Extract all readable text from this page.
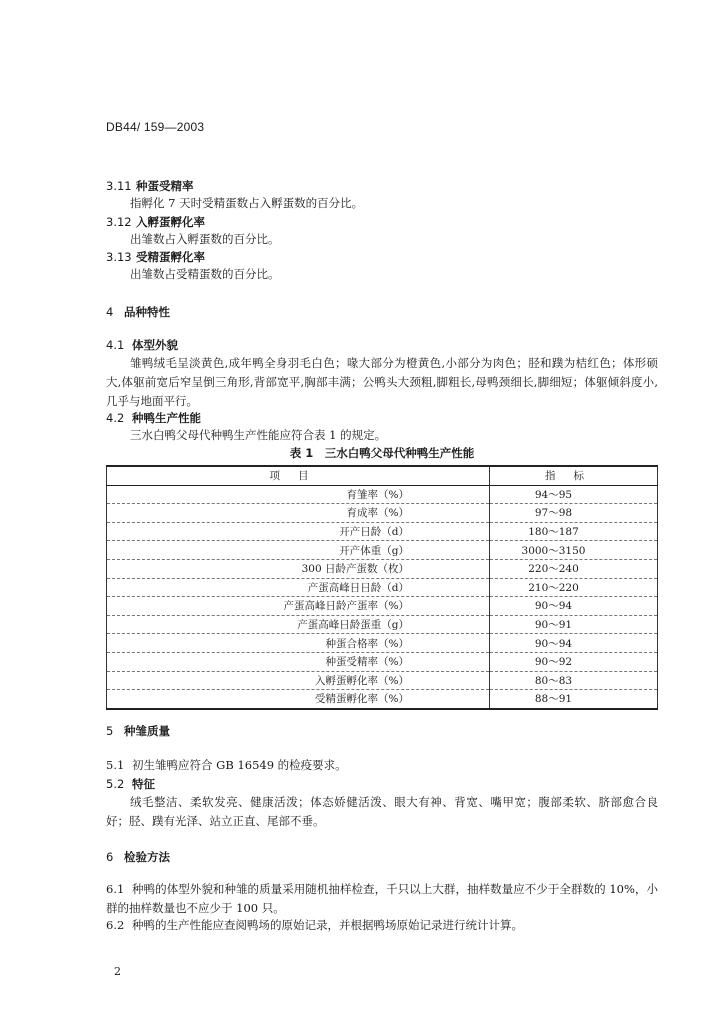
DB44/ 159—2003
3.11 种蛋受精率
指孵化 7 天时受精蛋数占入孵蛋数的百分比。
3.12 入孵蛋孵化率
出雏数占入孵蛋数的百分比。
3.13 受精蛋孵化率
出雏数占受精蛋数的百分比。
4 品种特性
4.1 体型外貌
雏鸭绒毛呈淡黄色,成年鸭全身羽毛白色；喙大部分为橙黄色,小部分为肉色；胫和蹼为桔红色；体形硕大,体躯前宽后窄呈倒三角形,背部宽平,胸部丰满；公鸭头大颈粗,脚粗长,母鸭颈细长,脚细短；体躯倾斜度小,几乎与地面平行。
4.2 种鸭生产性能
三水白鸭父母代种鸭生产性能应符合表 1 的规定。
表 1　三水白鸭父母代种鸭生产性能
项目	指标
育雏率（%）	94～95
育成率（%）	97～98
开产日龄（d）	180～187
开产体重（g）	3000～3150
300 日龄产蛋数（枚）	220～240
产蛋高峰日日龄（d）	210～220
产蛋高峰日龄产蛋率（%）	90～94
产蛋高峰日龄蛋重（g）	90～91
种蛋合格率（%）	90～94
种蛋受精率（%）	90～92
入孵蛋孵化率（%）	80～83
受精蛋孵化率（%）	88～91
5 种雏质量
5.1 初生雏鸭应符合 GB 16549 的检疫要求。
5.2 特征
绒毛整洁、柔软发亮、健康活泼；体态娇健活泼、眼大有神、背宽、嘴甲宽；腹部柔软、脐部愈合良好；胫、蹼有光泽、站立正直、尾部不垂。
6 检验方法
6.1 种鸭的体型外貌和种雏的质量采用随机抽样检查，千只以上大群，抽样数量应不少于全群数的 10%，小群的抽样数量也不应少于 100 只。
6.2 种鸭的生产性能应查阅鸭场的原始记录，并根据鸭场原始记录进行统计计算。
2
